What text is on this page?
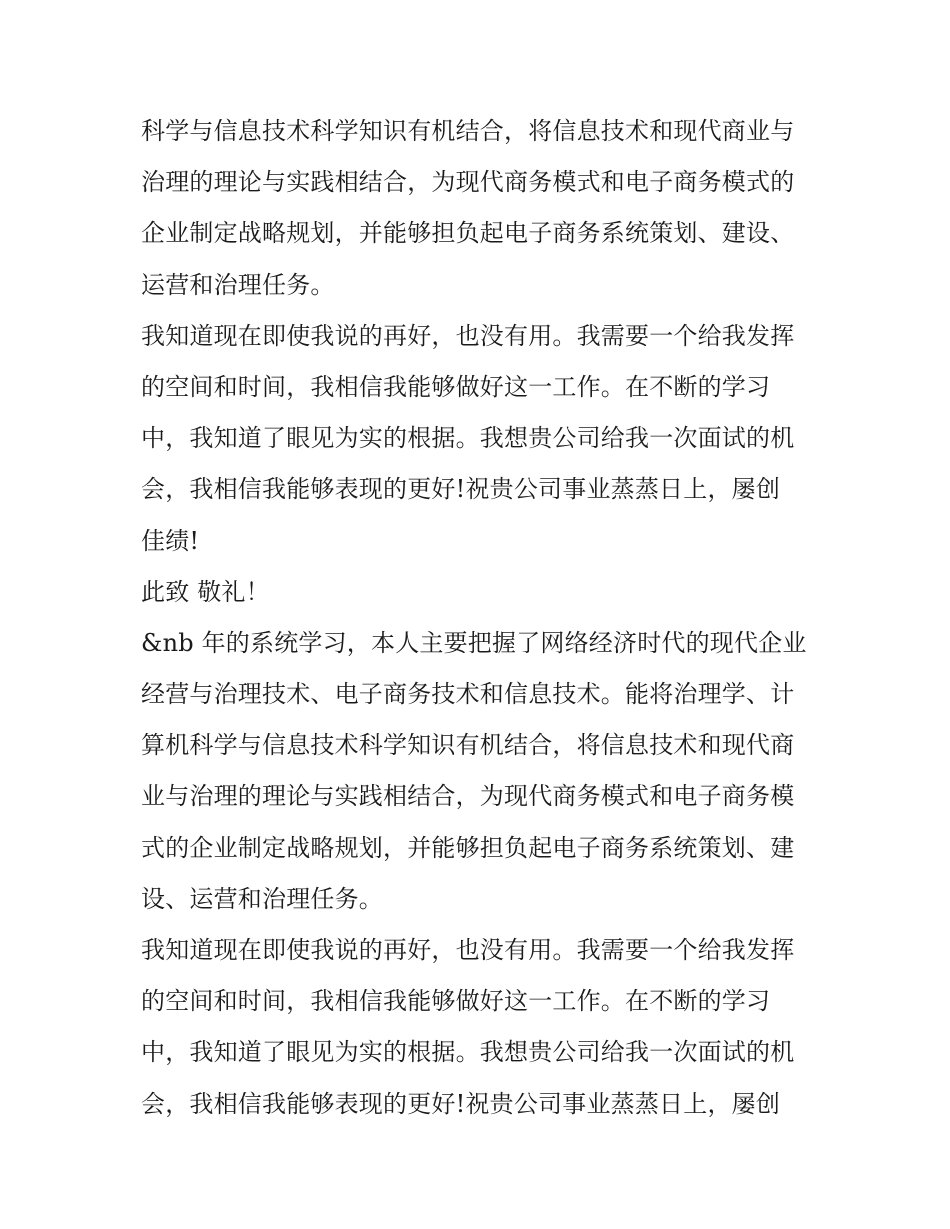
科学与信息技术科学知识有机结合，将信息技术和现代商业与
治理的理论与实践相结合，为现代商务模式和电子商务模式的
企业制定战略规划，并能够担负起电子商务系统策划、建设、
运营和治理任务。
我知道现在即使我说的再好，也没有用。我需要一个给我发挥
的空间和时间，我相信我能够做好这一工作。在不断的学习
中，我知道了眼见为实的根据。我想贵公司给我一次面试的机
会，我相信我能够表现的更好!祝贵公司事业蒸蒸日上，屡创
佳绩!
此致 敬礼！
&nb 年的系统学习，本人主要把握了网络经济时代的现代企业
经营与治理技术、电子商务技术和信息技术。能将治理学、计
算机科学与信息技术科学知识有机结合，将信息技术和现代商
业与治理的理论与实践相结合，为现代商务模式和电子商务模
式的企业制定战略规划，并能够担负起电子商务系统策划、建
设、运营和治理任务。
我知道现在即使我说的再好，也没有用。我需要一个给我发挥
的空间和时间，我相信我能够做好这一工作。在不断的学习
中，我知道了眼见为实的根据。我想贵公司给我一次面试的机
会，我相信我能够表现的更好!祝贵公司事业蒸蒸日上，屡创
